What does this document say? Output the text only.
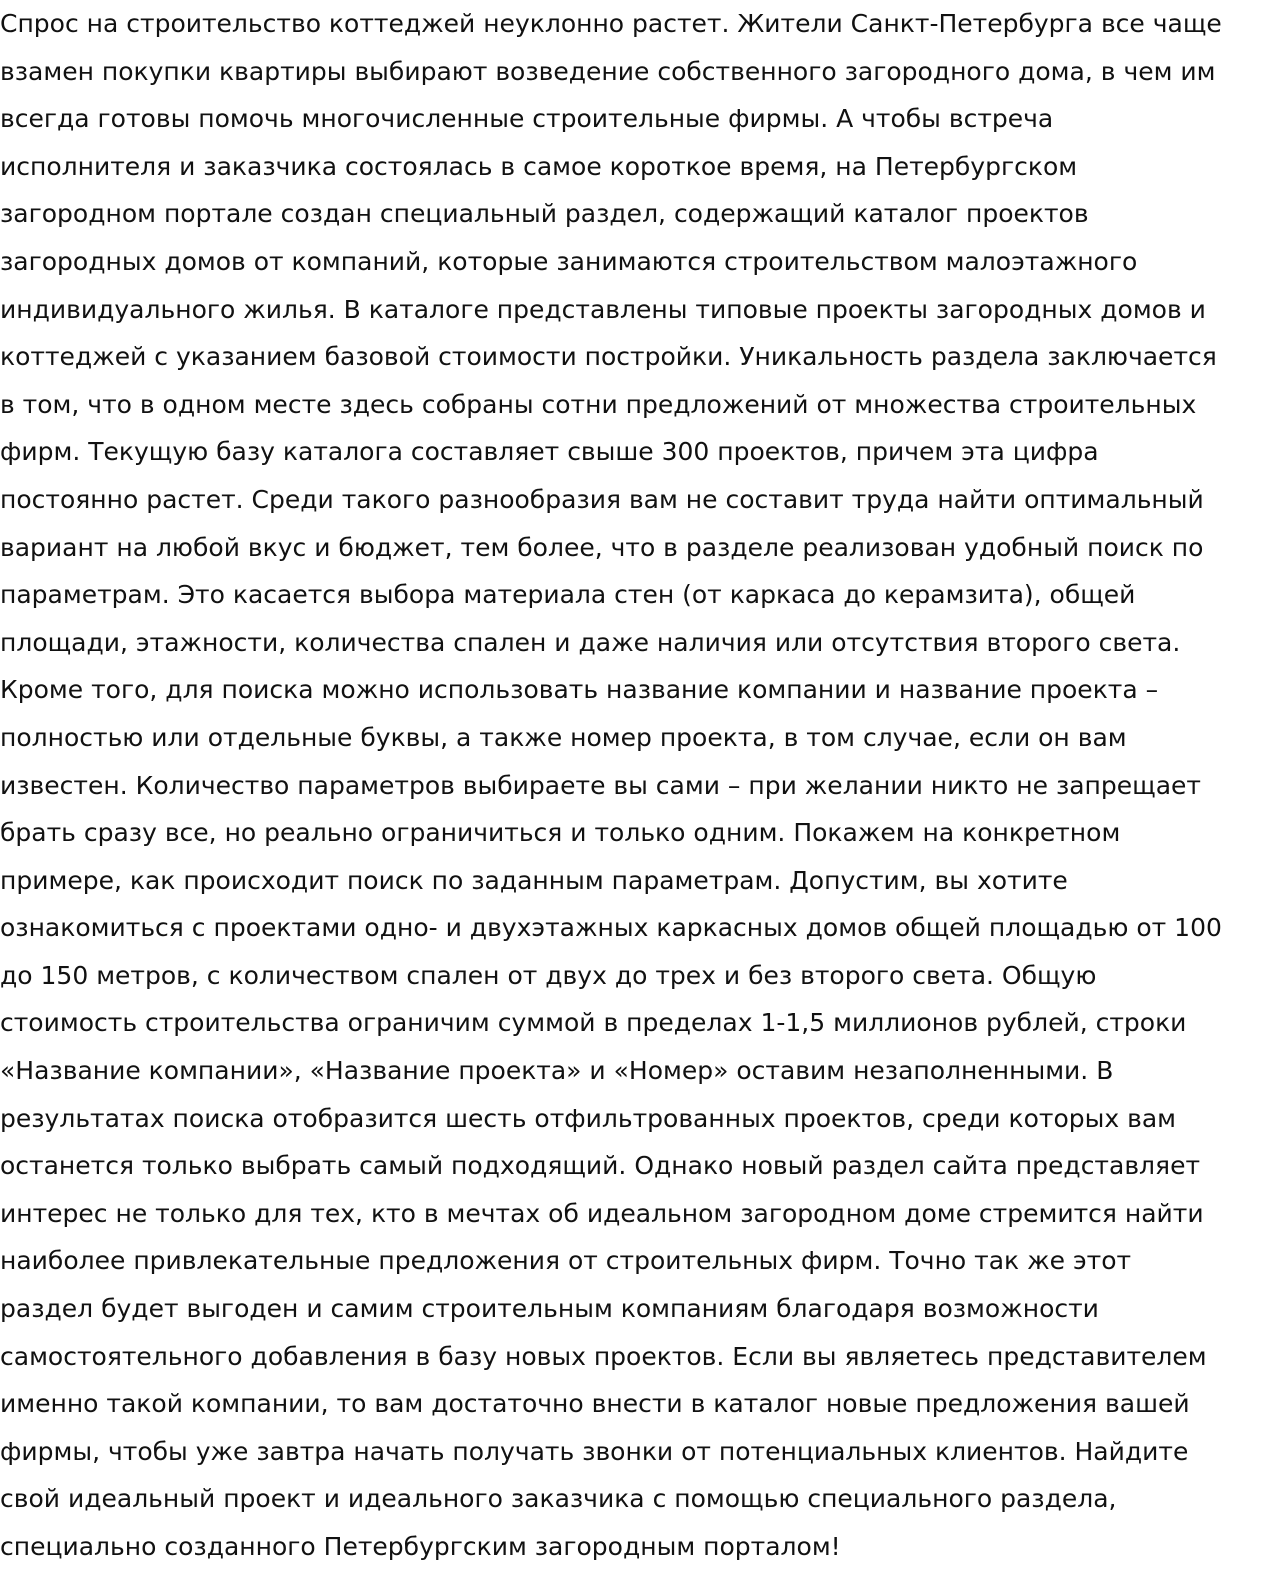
Спрос на строительство коттеджей неуклонно растет. Жители Санкт-Петербурга все чаще
взамен покупки квартиры выбирают возведение собственного загородного дома, в чем им
всегда готовы помочь многочисленные строительные фирмы. А чтобы встреча
исполнителя и заказчика состоялась в самое короткое время, на Петербургском
загородном портале создан специальный раздел, содержащий каталог проектов
загородных домов от компаний, которые занимаются строительством малоэтажного
индивидуального жилья. В каталоге представлены типовые проекты загородных домов и
коттеджей с указанием базовой стоимости постройки. Уникальность раздела заключается
в том, что в одном месте здесь собраны сотни предложений от множества строительных
фирм. Текущую базу каталога составляет свыше 300 проектов, причем эта цифра
постоянно растет. Среди такого разнообразия вам не составит труда найти оптимальный
вариант на любой вкус и бюджет, тем более, что в разделе реализован удобный поиск по
параметрам. Это касается выбора материала стен (от каркаса до керамзита), общей
площади, этажности, количества спален и даже наличия или отсутствия второго света.
Кроме того, для поиска можно использовать название компании и название проекта –
полностью или отдельные буквы, а также номер проекта, в том случае, если он вам
известен. Количество параметров выбираете вы сами – при желании никто не запрещает
брать сразу все, но реально ограничиться и только одним. Покажем на конкретном
примере, как происходит поиск по заданным параметрам. Допустим, вы хотите
ознакомиться с проектами одно- и двухэтажных каркасных домов общей площадью от 100
до 150 метров, с количеством спален от двух до трех и без второго света. Общую
стоимость строительства ограничим суммой в пределах 1-1,5 миллионов рублей, строки
«Название компании», «Название проекта» и «Номер» оставим незаполненными. В
результатах поиска отобразится шесть отфильтрованных проектов, среди которых вам
останется только выбрать самый подходящий. Однако новый раздел сайта представляет
интерес не только для тех, кто в мечтах об идеальном загородном доме стремится найти
наиболее привлекательные предложения от строительных фирм. Точно так же этот
раздел будет выгоден и самим строительным компаниям благодаря возможности
самостоятельного добавления в базу новых проектов. Если вы являетесь представителем
именно такой компании, то вам достаточно внести в каталог новые предложения вашей
фирмы, чтобы уже завтра начать получать звонки от потенциальных клиентов. Найдите
свой идеальный проект и идеального заказчика с помощью специального раздела,
специально созданного Петербургским загородным порталом!
